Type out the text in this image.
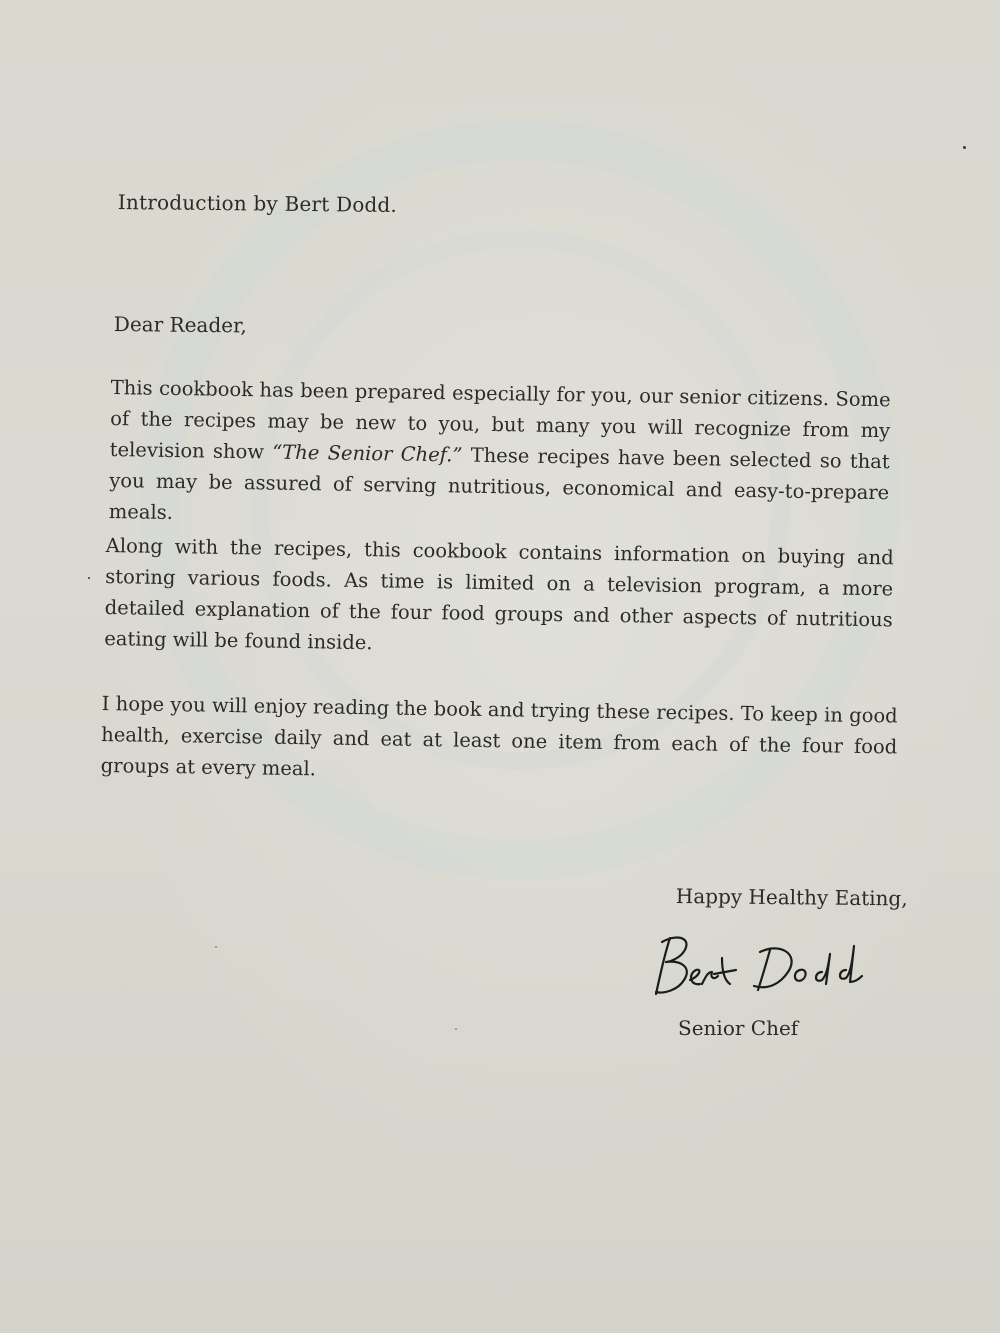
Introduction by Bert Dodd.
Dear Reader,
This cookbook has been prepared especially for you, our senior citizens. Some of the recipes may be new to you, but many you will recognize from my television show “The Senior Chef.” These recipes have been selected so that you may be assured of serving nutritious, economical and easy-to-prepare meals.
Along with the recipes, this cookbook contains information on buying and storing various foods. As time is limited on a television program, a more detailed explanation of the four food groups and other aspects of nutritious eating will be found inside.
I hope you will enjoy reading the book and trying these recipes. To keep in good health, exercise daily and eat at least one item from each of the four food groups at every meal.
Happy Healthy Eating,
Senior Chef
